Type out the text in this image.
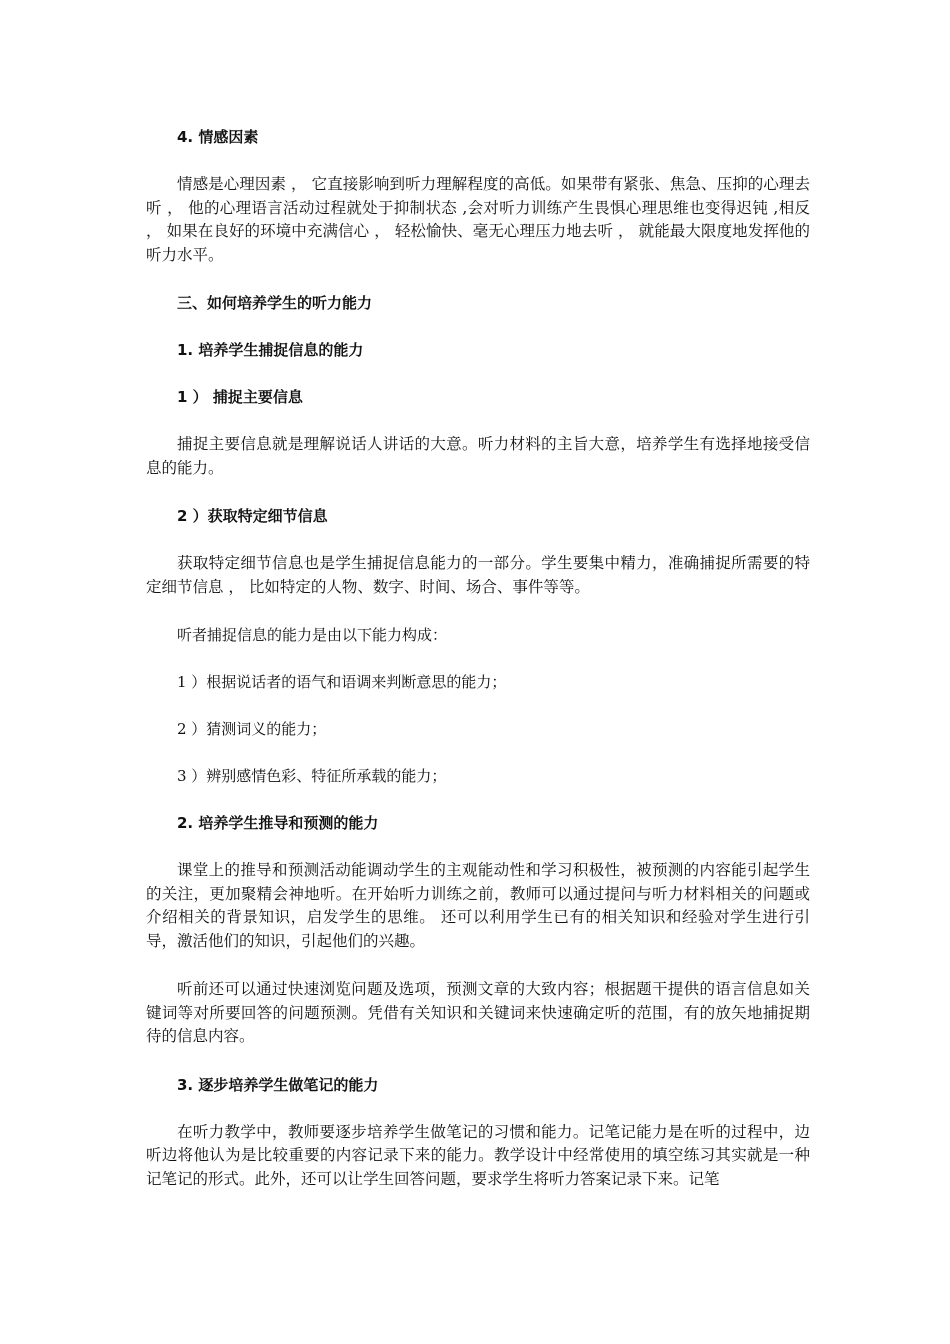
4. 情感因素
情感是心理因素 ， 它直接影响到听力理解程度的高低。如果带有紧张、焦急、压抑的心理去听 ， 他的心理语言活动过程就处于抑制状态 ,会对听力训练产生畏惧心理思维也变得迟钝 ,相反 ， 如果在良好的环境中充满信心 ， 轻松愉快、毫无心理压力地去听 ， 就能最大限度地发挥他的听力水平。
三、如何培养学生的听力能力
1. 培养学生捕捉信息的能力
1 ） 捕捉主要信息
捕捉主要信息就是理解说话人讲话的大意。听力材料的主旨大意，培养学生有选择地接受信息的能力。
2 ）获取特定细节信息
获取特定细节信息也是学生捕捉信息能力的一部分。学生要集中精力，准确捕捉所需要的特定细节信息 ， 比如特定的人物、数字、时间、场合、事件等等。
听者捕捉信息的能力是由以下能力构成：
1 ）根据说话者的语气和语调来判断意思的能力；
2 ）猜测词义的能力；
3 ）辨别感情色彩、特征所承载的能力；
2. 培养学生推导和预测的能力
课堂上的推导和预测活动能调动学生的主观能动性和学习积极性，被预测的内容能引起学生的关注，更加聚精会神地听。在开始听力训练之前，教师可以通过提问与听力材料相关的问题或介绍相关的背景知识，启发学生的思维。 还可以利用学生已有的相关知识和经验对学生进行引导，激活他们的知识，引起他们的兴趣。
听前还可以通过快速浏览问题及选项，预测文章的大致内容；根据题干提供的语言信息如关键词等对所要回答的问题预测。凭借有关知识和关键词来快速确定听的范围，有的放矢地捕捉期待的信息内容。
3. 逐步培养学生做笔记的能力
在听力教学中，教师要逐步培养学生做笔记的习惯和能力。记笔记能力是在听的过程中，边听边将他认为是比较重要的内容记录下来的能力。教学设计中经常使用的填空练习其实就是一种记笔记的形式。此外，还可以让学生回答问题，要求学生将听力答案记录下来。记笔
